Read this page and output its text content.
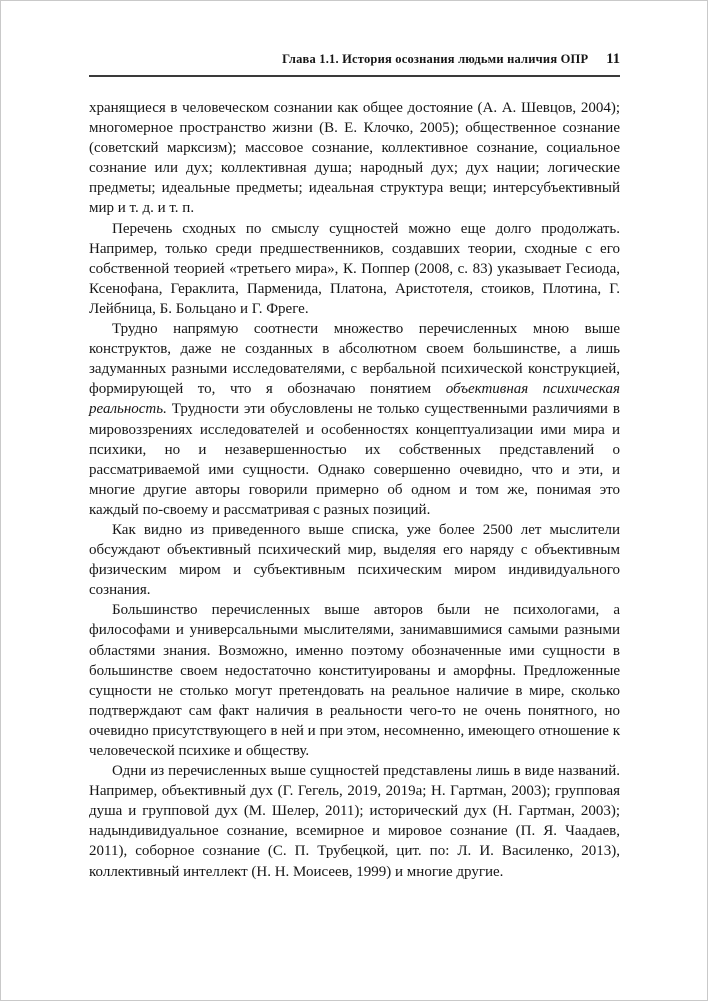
Глава 1.1. История осознания людьми наличия ОПР 11

хранящиеся в человеческом сознании как общее достояние (А. А. Шевцов, 2004); многомерное пространство жизни (В. Е. Клочко, 2005); общественное сознание (советский марксизм); массовое сознание, коллективное сознание, социальное сознание или дух; коллективная душа; народный дух; дух нации; логические предметы; идеальные предметы; идеальная структура вещи; интерсубъективный мир и т. д. и т. п.

Перечень сходных по смыслу сущностей можно еще долго продолжать. Например, только среди предшественников, создавших теории, сходные с его собственной теорией «третьего мира», К. Поппер (2008, с. 83) указывает Гесиода, Ксенофана, Гераклита, Парменида, Платона, Аристотеля, стоиков, Плотина, Г. Лейбница, Б. Больцано и Г. Фреге.

Трудно напрямую соотнести множество перечисленных мною выше конструктов, даже не созданных в абсолютном своем большинстве, а лишь задуманных разными исследователями, с вербальной психической конструкцией, формирующей то, что я обозначаю понятием объективная психическая реальность. Трудности эти обусловлены не только существенными различиями в мировоззрениях исследователей и особенностях концептуализации ими мира и психики, но и незавершенностью их собственных представлений о рассматриваемой ими сущности. Однако совершенно очевидно, что и эти, и многие другие авторы говорили примерно об одном и том же, понимая это каждый по-своему и рассматривая с разных позиций.

Как видно из приведенного выше списка, уже более 2500 лет мыслители обсуждают объективный психический мир, выделяя его наряду с объективным физическим миром и субъективным психическим миром индивидуального сознания.

Большинство перечисленных выше авторов были не психологами, а философами и универсальными мыслителями, занимавшимися самыми разными областями знания. Возможно, именно поэтому обозначенные ими сущности в большинстве своем недостаточно конституированы и аморфны. Предложенные сущности не столько могут претендовать на реальное наличие в мире, сколько подтверждают сам факт наличия в реальности чего-то не очень понятного, но очевидно присутствующего в ней и при этом, несомненно, имеющего отношение к человеческой психике и обществу.

Одни из перечисленных выше сущностей представлены лишь в виде названий. Например, объективный дух (Г. Гегель, 2019, 2019а; Н. Гартман, 2003); групповая душа и групповой дух (М. Шелер, 2011); исторический дух (Н. Гартман, 2003); надындивидуальное сознание, всемирное и мировое сознание (П. Я. Чаадаев, 2011), соборное сознание (С. П. Трубецкой, цит. по: Л. И. Василенко, 2013), коллективный интеллект (Н. Н. Моисеев, 1999) и многие другие.
